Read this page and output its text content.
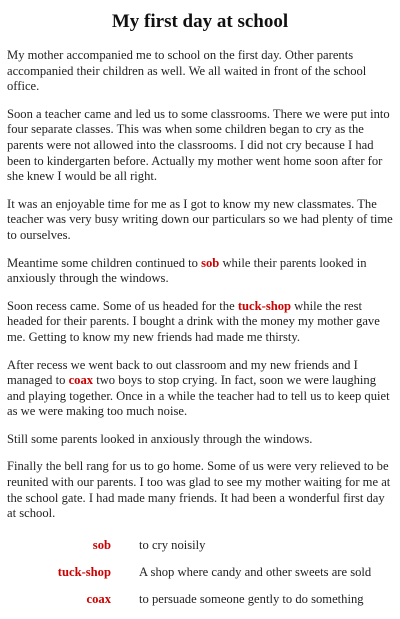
My first day at school

My mother accompanied me to school on the first day. Other parents accompanied their children as well. We all waited in front of the school office.

Soon a teacher came and led us to some classrooms. There we were put into four separate classes. This was when some children began to cry as the parents were not allowed into the classrooms. I did not cry because I had been to kindergarten before. Actually my mother went home soon after for she knew I would be all right.

It was an enjoyable time for me as I got to know my new classmates. The teacher was very busy writing down our particulars so we had plenty of time to ourselves.

Meantime some children continued to sob while their parents looked in anxiously through the windows.

Soon recess came. Some of us headed for the tuck-shop while the rest headed for their parents. I bought a drink with the money my mother gave me. Getting to know my new friends had made me thirsty.

After recess we went back to out classroom and my new friends and I managed to coax two boys to stop crying. In fact, soon we were laughing and playing together. Once in a while the teacher had to tell us to keep quiet as we were making too much noise.

Still some parents looked in anxiously through the windows.

Finally the bell rang for us to go home. Some of us were very relieved to be reunited with our parents. I too was glad to see my mother waiting for me at the school gate. I had made many friends. It had been a wonderful first day at school.

sob	to cry noisily
tuck-shop	A shop where candy and other sweets are sold
coax	to persuade someone gently to do something
